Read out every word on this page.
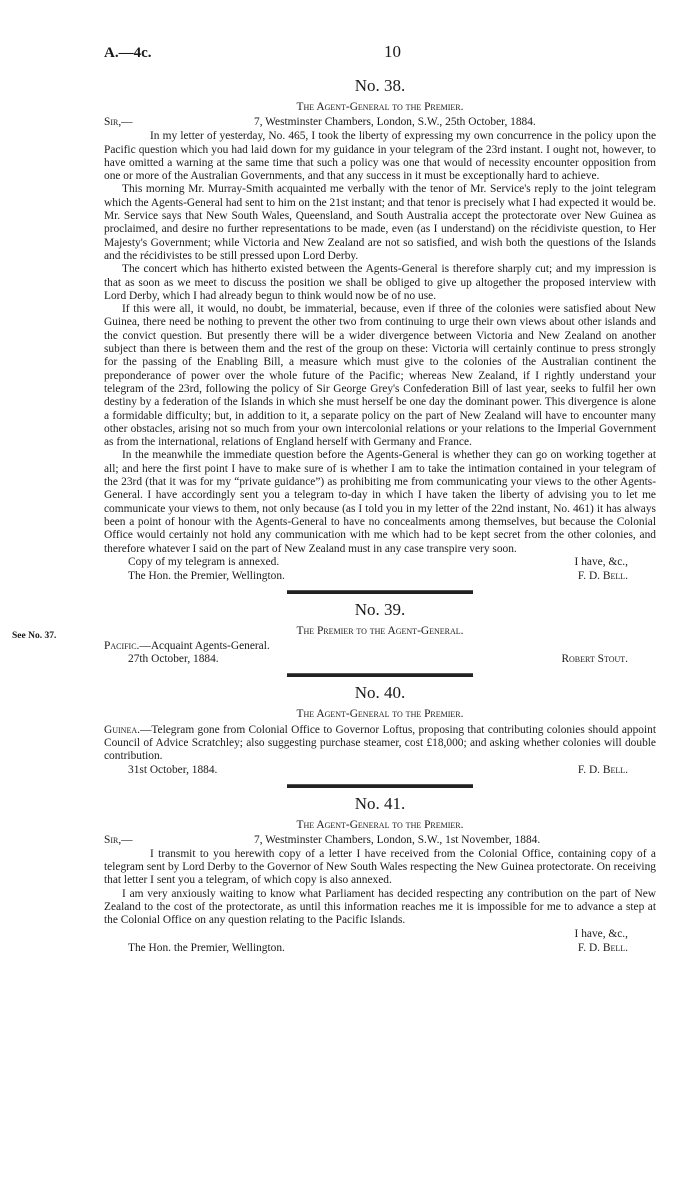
A.—4c.	10
See No. 37.
No. 38.
The Agent-General to the Premier.
Sir,—	7, Westminster Chambers, London, S.W., 25th October, 1884.

In my letter of yesterday, No. 465, I took the liberty of expressing my own concurrence in the policy upon the Pacific question which you had laid down for my guidance in your telegram of the 23rd instant. I ought not, however, to have omitted a warning at the same time that such a policy was one that would of necessity encounter opposition from one or more of the Australian Governments, and that any success in it must be exceptionally hard to achieve.

This morning Mr. Murray-Smith acquainted me verbally with the tenor of Mr. Service's reply to the joint telegram which the Agents-General had sent to him on the 21st instant; and that tenor is precisely what I had expected it would be. Mr. Service says that New South Wales, Queensland, and South Australia accept the protectorate over New Guinea as proclaimed, and desire no further representations to be made, even (as I understand) on the récidiviste question, to Her Majesty's Government; while Victoria and New Zealand are not so satisfied, and wish both the questions of the Islands and the récidivistes to be still pressed upon Lord Derby.

The concert which has hitherto existed between the Agents-General is therefore sharply cut; and my impression is that as soon as we meet to discuss the position we shall be obliged to give up altogether the proposed interview with Lord Derby, which I had already begun to think would now be of no use.

If this were all, it would, no doubt, be immaterial, because, even if three of the colonies were satisfied about New Guinea, there need be nothing to prevent the other two from continuing to urge their own views about other islands and the convict question. But presently there will be a wider divergence between Victoria and New Zealand on another subject than there is between them and the rest of the group on these: Victoria will certainly continue to press strongly for the passing of the Enabling Bill, a measure which must give to the colonies of the Australian continent the preponderance of power over the whole future of the Pacific; whereas New Zealand, if I rightly understand your telegram of the 23rd, following the policy of Sir George Grey's Confederation Bill of last year, seeks to fulfil her own destiny by a federation of the Islands in which she must herself be one day the dominant power. This divergence is alone a formidable difficulty; but, in addition to it, a separate policy on the part of New Zealand will have to encounter many other obstacles, arising not so much from your own intercolonial relations or your relations to the Imperial Government as from the international, relations of England herself with Germany and France.

In the meanwhile the immediate question before the Agents-General is whether they can go on working together at all; and here the first point I have to make sure of is whether I am to take the intimation contained in your telegram of the 23rd (that it was for my “private guidance”) as prohibiting me from communicating your views to the other Agents-General. I have accordingly sent you a telegram to-day in which I have taken the liberty of advising you to let me communicate your views to them, not only because (as I told you in my letter of the 22nd instant, No. 461) it has always been a point of honour with the Agents-General to have no concealments among themselves, but because the Colonial Office would certainly not hold any communication with me which had to be kept secret from the other colonies, and therefore whatever I said on the part of New Zealand must in any case transpire very soon.

Copy of my telegram is annexed.	I have, &c.,
The Hon. the Premier, Wellington.	F. D. Bell.
No. 39.
The Premier to the Agent-General.

Pacific.—Acquaint Agents-General.

27th October, 1884.	Robert Stout.
No. 40.
The Agent-General to the Premier.

Guinea.—Telegram gone from Colonial Office to Governor Loftus, proposing that contributing colonies should appoint Council of Advice Scratchley; also suggesting purchase steamer, cost £18,000; and asking whether colonies will double contribution.

31st October, 1884.	F. D. Bell.
No. 41.
The Agent-General to the Premier.
Sir,—	7, Westminster Chambers, London, S.W., 1st November, 1884.

I transmit to you herewith copy of a letter I have received from the Colonial Office, containing copy of a telegram sent by Lord Derby to the Governor of New South Wales respecting the New Guinea protectorate. On receiving that letter I sent you a telegram, of which copy is also annexed.

I am very anxiously waiting to know what Parliament has decided respecting any contribution on the part of New Zealand to the cost of the protectorate, as until this information reaches me it is impossible for me to advance a step at the Colonial Office on any question relating to the Pacific Islands.

I have, &c.,
The Hon. the Premier, Wellington.	F. D. Bell.
